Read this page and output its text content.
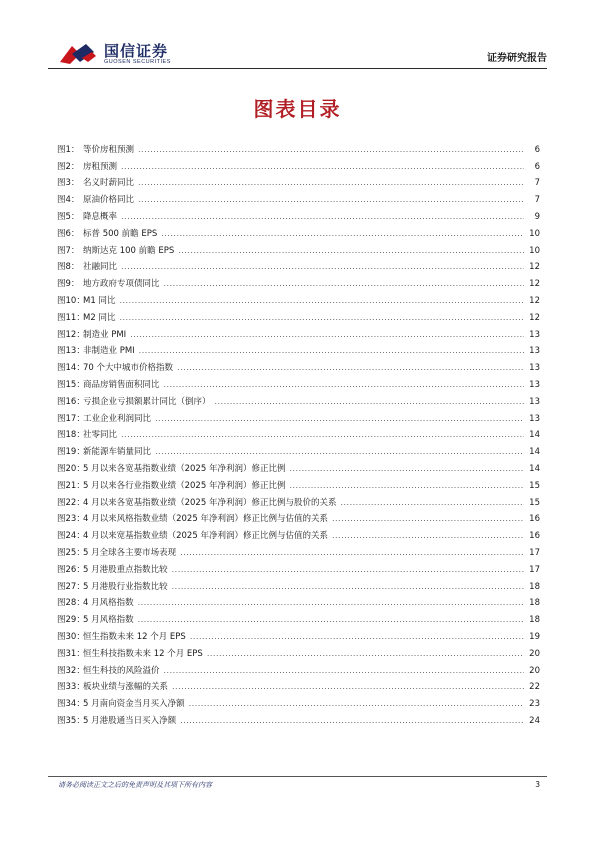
国信证券
GUOSEN SECURITIES	证券研究报告
图表目录
图1： 等价房租预测 .....	6
图2： 房租预测 .....	6
图3： 名义时薪同比 .....	7
图4： 原油价格同比 .....	7
图5： 降息概率 .....	9
图6： 标普 500 前瞻 EPS .....	10
图7： 纳斯达克 100 前瞻 EPS .....	10
图8： 社融同比 .....	12
图9： 地方政府专项债同比 .....	12
图10：M1 同比 .....	12
图11：M2 同比 .....	12
图12：制造业 PMI .....	13
图13：非制造业 PMI .....	13
图14：70 个大中城市价格指数 .....	13
图15：商品房销售面积同比 .....	13
图16：亏损企业亏损额累计同比（倒序） .....	13
图17：工业企业利润同比 .....	13
图18：社零同比 .....	14
图19：新能源车销量同比 .....	14
图20：5 月以来各宽基指数业绩（2025 年净利润）修正比例 .....	14
图21：5 月以来各行业指数业绩（2025 年净利润）修正比例 .....	15
图22：4 月以来各宽基指数业绩（2025 年净利润）修正比例与股价的关系 .....	15
图23：4 月以来风格指数业绩（2025 年净利润）修正比例与估值的关系 .....	16
图24：4 月以来宽基指数业绩（2025 年净利润）修正比例与估值的关系 .....	16
图25：5 月全球各主要市场表现 .....	17
图26：5 月港股重点指数比较 .....	17
图27：5 月港股行业指数比较 .....	18
图28：4 月风格指数 .....	18
图29：5 月风格指数 .....	18
图30：恒生指数未来 12 个月 EPS .....	19
图31：恒生科技指数未来 12 个月 EPS .....	20
图32：恒生科技的风险溢价 .....	20
图33：板块业绩与涨幅的关系 .....	22
图34：5 月南向资金当月买入净额 .....	23
图35：5 月港股通当日买入净额 .....	24
请务必阅读正文之后的免责声明及其项下所有内容	3
